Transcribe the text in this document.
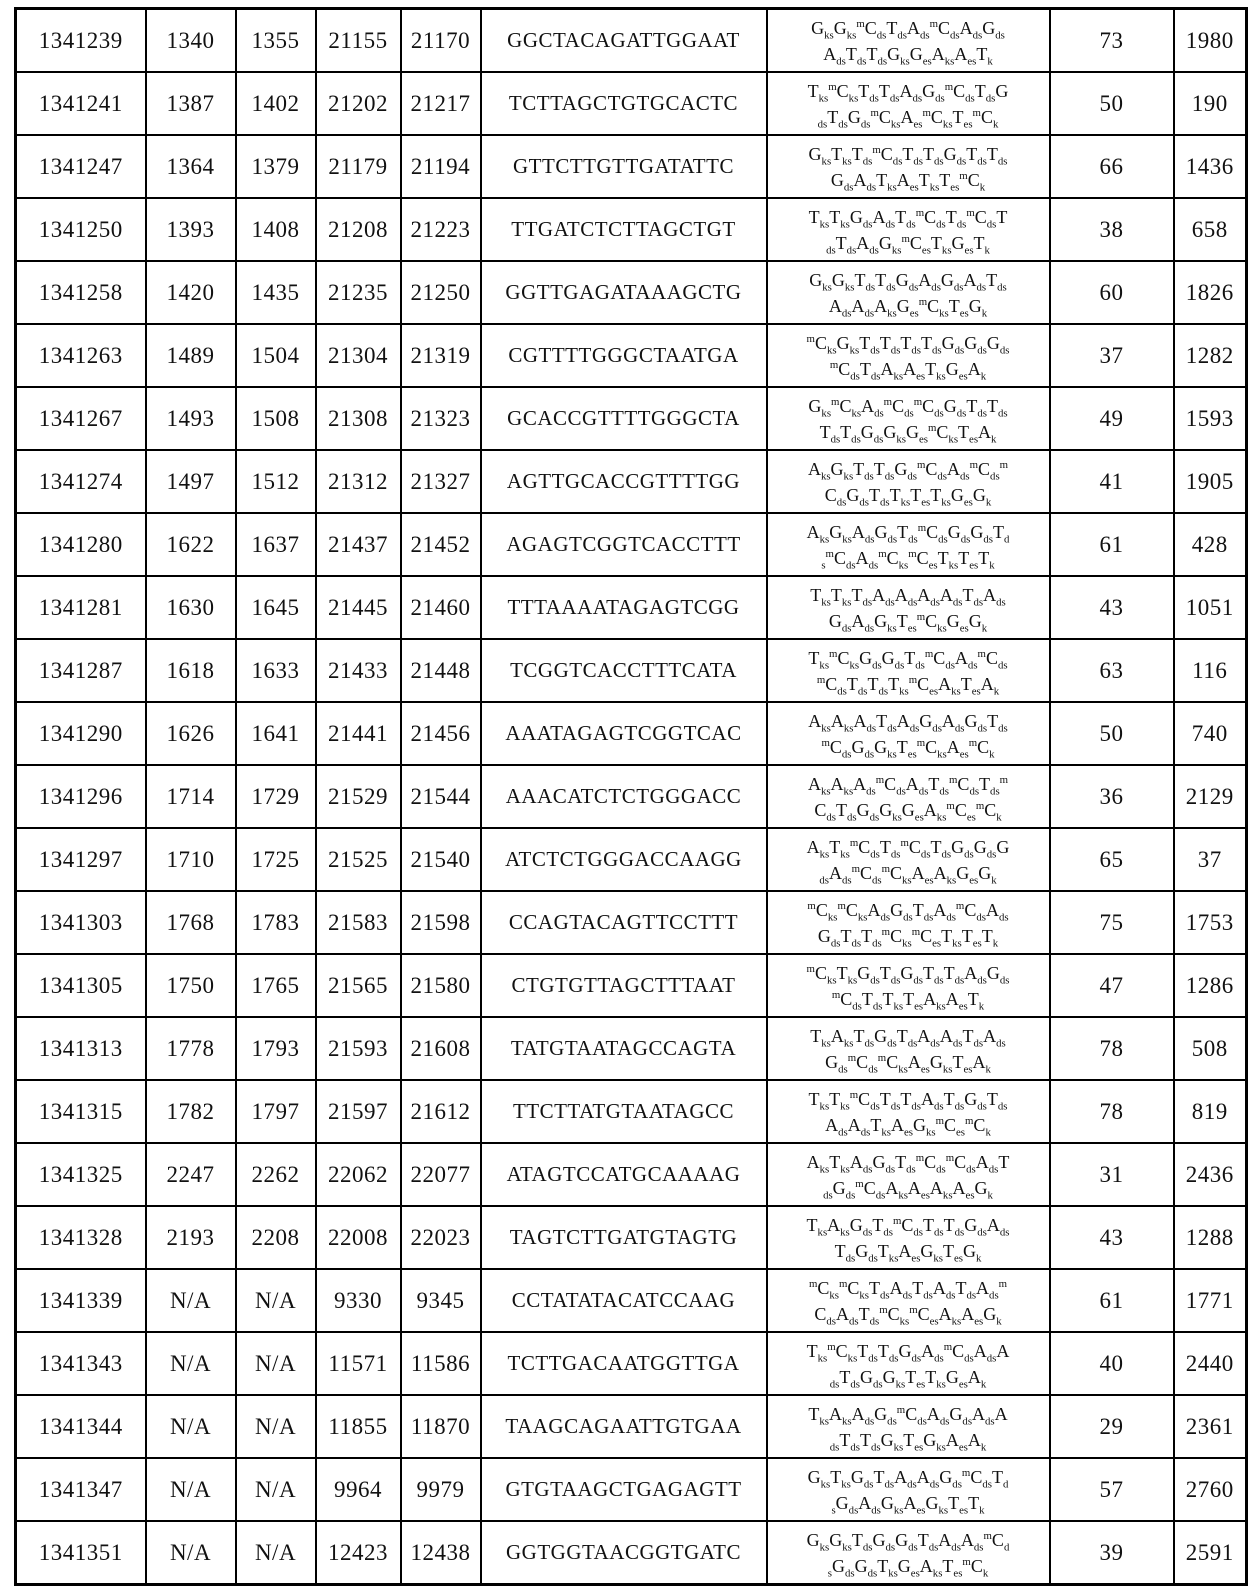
1341239	1340	1355	21155	21170	GGCTACAGATTGGAAT	$G_{ks}G_{ks}^mC_{ds}T_{ds}A_{ds}^mC_{ds}A_{ds}G_{ds}$
$A_{ds}T_{ds}T_{ds}G_{ks}G_{es}A_{ks}A_{es}T_k$	73	1980
1341241	1387	1402	21202	21217	TCTTAGCTGTGCACTC	$T_{ks}^mC_{ks}T_{ds}T_{ds}A_{ds}G_{ds}^mC_{ds}T_{ds}G$
$_{ds}T_{ds}G_{ds}^mC_{ks}A_{es}^mC_{ks}T_{es}^mC_k$	50	190
1341247	1364	1379	21179	21194	GTTCTTGTTGATATTC	$G_{ks}T_{ks}T_{ds}^mC_{ds}T_{ds}T_{ds}G_{ds}T_{ds}T_{ds}$
$G_{ds}A_{ds}T_{ks}A_{es}T_{ks}T_{es}^mC_k$	66	1436
1341250	1393	1408	21208	21223	TTGATCTCTTAGCTGT	$T_{ks}T_{ks}G_{ds}A_{ds}T_{ds}^mC_{ds}T_{ds}^mC_{ds}T$
$_{ds}T_{ds}A_{ds}G_{ks}^mC_{es}T_{ks}G_{es}T_k$	38	658
1341258	1420	1435	21235	21250	GGTTGAGATAAAGCTG	$G_{ks}G_{ks}T_{ds}T_{ds}G_{ds}A_{ds}G_{ds}A_{ds}T_{ds}$
$A_{ds}A_{ds}A_{ks}G_{es}^mC_{ks}T_{es}G_k$	60	1826
1341263	1489	1504	21304	21319	CGTTTTGGGCTAATGA	$^mC_{ks}G_{ks}T_{ds}T_{ds}T_{ds}T_{ds}G_{ds}G_{ds}G_{ds}$
$^mC_{ds}T_{ds}A_{ks}A_{es}T_{ks}G_{es}A_k$	37	1282
1341267	1493	1508	21308	21323	GCACCGTTTTGGGCTA	$G_{ks}^mC_{ks}A_{ds}^mC_{ds}^mC_{ds}G_{ds}T_{ds}T_{ds}$
$T_{ds}T_{ds}G_{ds}G_{ks}G_{es}^mC_{ks}T_{es}A_k$	49	1593
1341274	1497	1512	21312	21327	AGTTGCACCGTTTTGG	$A_{ks}G_{ks}T_{ds}T_{ds}G_{ds}^mC_{ds}A_{ds}^mC_{ds}^m$
$C_{ds}G_{ds}T_{ds}T_{ks}T_{es}T_{ks}G_{es}G_k$	41	1905
1341280	1622	1637	21437	21452	AGAGTCGGTCACCTTT	$A_{ks}G_{ks}A_{ds}G_{ds}T_{ds}^mC_{ds}G_{ds}G_{ds}T_d$
$_s^mC_{ds}A_{ds}^mC_{ks}^mC_{es}T_{ks}T_{es}T_k$	61	428
1341281	1630	1645	21445	21460	TTTAAAATAGAGTCGG	$T_{ks}T_{ks}T_{ds}A_{ds}A_{ds}A_{ds}A_{ds}T_{ds}A_{ds}$
$G_{ds}A_{ds}G_{ks}T_{es}^mC_{ks}G_{es}G_k$	43	1051
1341287	1618	1633	21433	21448	TCGGTCACCTTTCATA	$T_{ks}^mC_{ks}G_{ds}G_{ds}T_{ds}^mC_{ds}A_{ds}^mC_{ds}$
$^mC_{ds}T_{ds}T_{ds}T_{ks}^mC_{es}A_{ks}T_{es}A_k$	63	116
1341290	1626	1641	21441	21456	AAATAGAGTCGGTCAC	$A_{ks}A_{ks}A_{ds}T_{ds}A_{ds}G_{ds}A_{ds}G_{ds}T_{ds}$
$^mC_{ds}G_{ds}G_{ks}T_{es}^mC_{ks}A_{es}^mC_k$	50	740
1341296	1714	1729	21529	21544	AAACATCTCTGGGACC	$A_{ks}A_{ks}A_{ds}^mC_{ds}A_{ds}T_{ds}^mC_{ds}T_{ds}^m$
$C_{ds}T_{ds}G_{ds}G_{ks}G_{es}A_{ks}^mC_{es}^mC_k$	36	2129
1341297	1710	1725	21525	21540	ATCTCTGGGACCAAGG	$A_{ks}T_{ks}^mC_{ds}T_{ds}^mC_{ds}T_{ds}G_{ds}G_{ds}G$
$_{ds}A_{ds}^mC_{ds}^mC_{ks}A_{es}A_{ks}G_{es}G_k$	65	37
1341303	1768	1783	21583	21598	CCAGTACAGTTCCTTT	$^mC_{ks}^mC_{ks}A_{ds}G_{ds}T_{ds}A_{ds}^mC_{ds}A_{ds}$
$G_{ds}T_{ds}T_{ds}^mC_{ks}^mC_{es}T_{ks}T_{es}T_k$	75	1753
1341305	1750	1765	21565	21580	CTGTGTTAGCTTTAAT	$^mC_{ks}T_{ks}G_{ds}T_{ds}G_{ds}T_{ds}T_{ds}A_{ds}G_{ds}$
$^mC_{ds}T_{ds}T_{ks}T_{es}A_{ks}A_{es}T_k$	47	1286
1341313	1778	1793	21593	21608	TATGTAATAGCCAGTA	$T_{ks}A_{ks}T_{ds}G_{ds}T_{ds}A_{ds}A_{ds}T_{ds}A_{ds}$
$G_{ds}^mC_{ds}^mC_{ks}A_{es}G_{ks}T_{es}A_k$	78	508
1341315	1782	1797	21597	21612	TTCTTATGTAATAGCC	$T_{ks}T_{ks}^mC_{ds}T_{ds}T_{ds}A_{ds}T_{ds}G_{ds}T_{ds}$
$A_{ds}A_{ds}T_{ks}A_{es}G_{ks}^mC_{es}^mC_k$	78	819
1341325	2247	2262	22062	22077	ATAGTCCATGCAAAAG	$A_{ks}T_{ks}A_{ds}G_{ds}T_{ds}^mC_{ds}^mC_{ds}A_{ds}T$
$_{ds}G_{ds}^mC_{ds}A_{ks}A_{es}A_{ks}A_{es}G_k$	31	2436
1341328	2193	2208	22008	22023	TAGTCTTGATGTAGTG	$T_{ks}A_{ks}G_{ds}T_{ds}^mC_{ds}T_{ds}T_{ds}G_{ds}A_{ds}$
$T_{ds}G_{ds}T_{ks}A_{es}G_{ks}T_{es}G_k$	43	1288
1341339	N/A	N/A	9330	9345	CCTATATACATCCAAG	$^mC_{ks}^mC_{ks}T_{ds}A_{ds}T_{ds}A_{ds}T_{ds}A_{ds}^m$
$C_{ds}A_{ds}T_{ds}^mC_{ks}^mC_{es}A_{ks}A_{es}G_k$	61	1771
1341343	N/A	N/A	11571	11586	TCTTGACAATGGTTGA	$T_{ks}^mC_{ks}T_{ds}T_{ds}G_{ds}A_{ds}^mC_{ds}A_{ds}A$
$_{ds}T_{ds}G_{ds}G_{ks}T_{es}T_{ks}G_{es}A_k$	40	2440
1341344	N/A	N/A	11855	11870	TAAGCAGAATTGTGAA	$T_{ks}A_{ks}A_{ds}G_{ds}^mC_{ds}A_{ds}G_{ds}A_{ds}A$
$_{ds}T_{ds}T_{ds}G_{ks}T_{es}G_{ks}A_{es}A_k$	29	2361
1341347	N/A	N/A	9964	9979	GTGTAAGCTGAGAGTT	$G_{ks}T_{ks}G_{ds}T_{ds}A_{ds}A_{ds}G_{ds}^mC_{ds}T_d$
$_sG_{ds}A_{ds}G_{ks}A_{es}G_{ks}T_{es}T_k$	57	2760
1341351	N/A	N/A	12423	12438	GGTGGTAACGGTGATC	$G_{ks}G_{ks}T_{ds}G_{ds}G_{ds}T_{ds}A_{ds}A_{ds}^mC_d$
$_sG_{ds}G_{ds}T_{ks}G_{es}A_{ks}T_{es}^mC_k$	39	2591
